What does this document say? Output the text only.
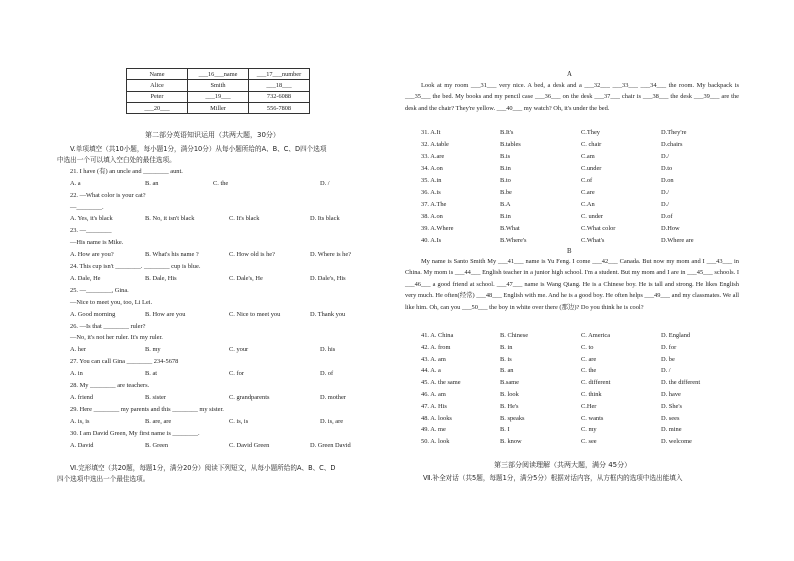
Name	___16___name	___17___number
Alice	Smith	___18___
Peter	___19___	732-6088
___20___	Miller	556-7808
第二部分英语知识运用（共两大题，30分）
V.单项填空（共10小题，每小题1分，满分10分）从每小题所给的A、B、C、D四个选项
中选出一个可以填入空白处的最佳选项。
21. I have (有) an uncle and ________ aunt.
A. a	B. an	C. the	D. /
22. —What color is your cat?
—________.
A. Yes, it's black	B. No, it isn't black	C. It's black	D. Its black
23. —________
—His name is Mike.
A. How are you?	B. What's his name ?	C. How old is he?	D. Where is he?
24. This cup isn't ________. ________ cup is blue.
A. Dale, He	B. Dale, His	C. Dale's, He	D. Dale's, His
25. —________, Gina.
—Nice to meet you, too, Li Lei.
A. Good morning	B. How are you	C. Nice to meet you	D. Thank you
26. —Is that ________ ruler?
—No, it's not her ruler. It's my ruler.
A. her	B. my	C. your	D. his
27. You can call Gina ________ 234-5678
A. in	B. at	C. for	D. of
28. My ________ are teachers.
A. friend	B. sister	C. grandparents	D. mother
29. Here ________ my parents and this ________ my sister.
A. is, is	B. are, are	C. is, is	D. is, are
30. I am David Green, My first name is ________.
A. David	B. Green	C. David Green	D. Green David
Ⅵ.完形填空（共20题，每题1分，满分20分）阅读下列短文，从每小题所给的A、B、C、D
四个选项中选出一个最佳选项。
A
Look at my room ___31___ very nice. A bed, a desk and a ___32___ ___33___ ___34___ the room. My backpack is ___35___ the bed. My books and my pencil case ___36___ on the desk ___37___ chair is ___38___ the desk ___39___ are the desk and the chair? They're yellow. ___40___ my watch? Oh, it's under the bed.
31. A.It	B.It's	C.They	D.They're
32. A.table	B.tables	C. chair	D.chairs
33. A.are	B.is	C.am	D./
34. A.on	B.in	C.under	D.to
35. A.in	B.to	C.of	D.on
36. A.is	B.be	C.are	D./
37. A.The	B.A	C.An	D./
38. A.on	B.in	C. under	D.of
39. A.Where	B.What	C.What color	D.How
40. A.Is	B.Where's	C.What's	D.Where are
B
My name is Santo Smith My ___41___ name is Yu Feng. I come ___42___ Canada. But now my mom and I ___43___ in China. My mom is ___44___ English teacher in a junior high school. I'm a student. But my mom and I are in ___45___ schools. I ___46___ a good friend at school. ___47___ name is Wang Qiang. He is a Chinese boy. He is tall and strong. He likes English very much. He often(经常) ___48___ English with me. And he is a good boy. He often helps ___49___ and my classmates. We all like him. Oh, can you ___50___ the boy in white over there (那边)? Do you think he is cool?
41. A. China	B. Chinese	C. America	D. England
42. A. from	B. in	C. to	D. for
43. A. am	B. is	C. are	D. be
44. A. a	B. an	C. the	D. /
45. A. the same	B.same	C. different	D. the different
46. A. am	B. look	C. think	D. have
47. A. His	B. He's	C.Her	D. She's
48. A. looks	B. speaks	C. wants	D. sees
49. A. me	B. I	C. my	D. mine
50. A. look	B. know	C. see	D. welcome
第三部分阅读理解（共两大题，满分 45分）
Ⅶ.补全对话（共5题，每题1分，满分5分）根据对话内容，从方框内的选项中选出能填入
